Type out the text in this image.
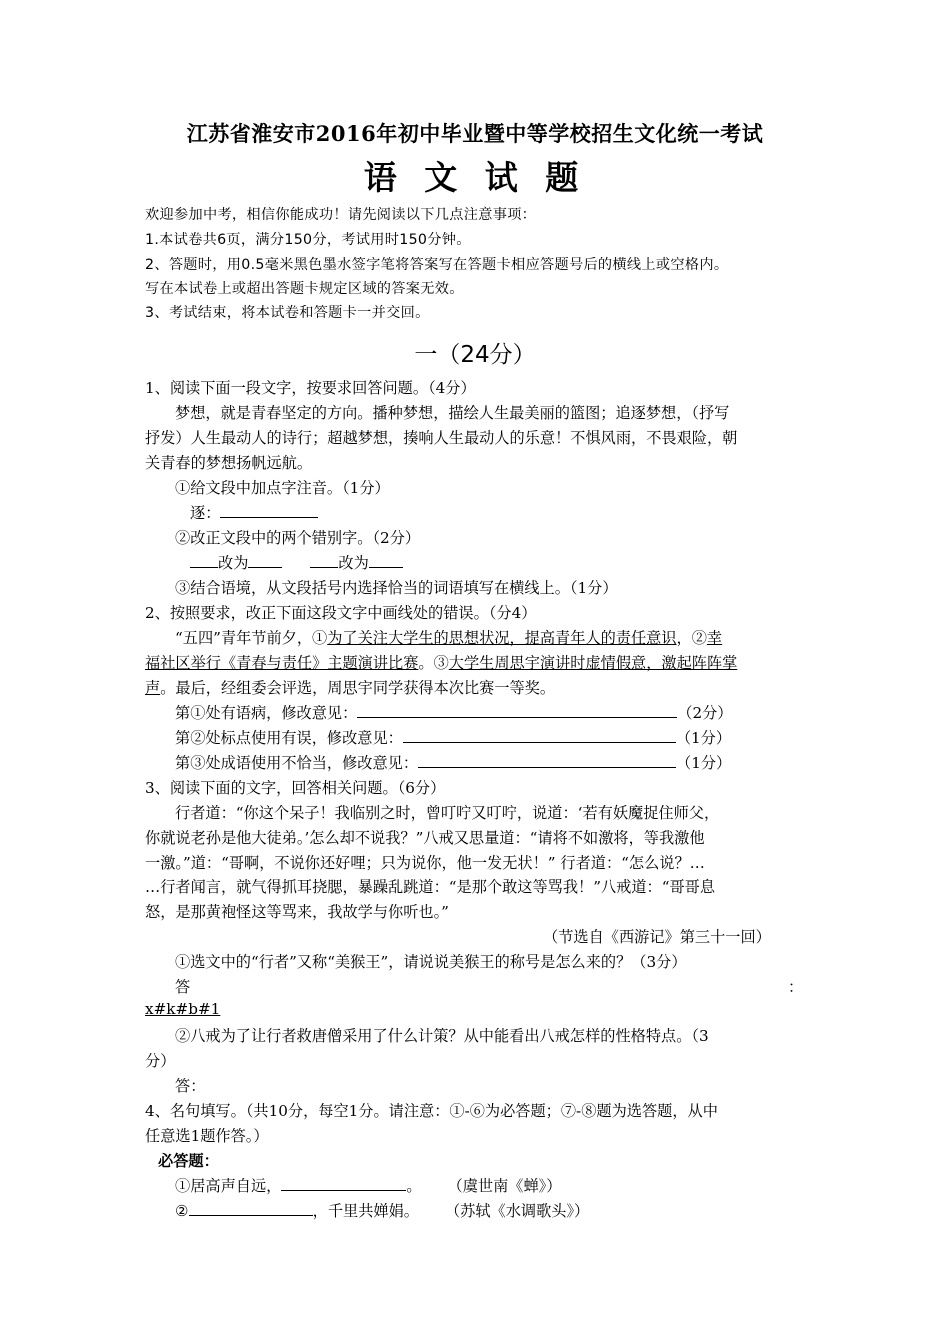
江苏省淮安市2016年初中毕业暨中等学校招生文化统一考试
语 文 试 题
欢迎参加中考，相信你能成功！请先阅读以下几点注意事项：
1.本试卷共6页，满分150分，考试用时150分钟。
2、答题时，用0.5毫米黑色墨水签字笔将答案写在答题卡相应答题号后的横线上或空格内。
写在本试卷上或超出答题卡规定区域的答案无效。
3、考试结束，将本试卷和答题卡一并交回。
一（24分）
1、阅读下面一段文字，按要求回答问题。（4分）
梦想，就是青春坚定的方向。播种梦想，描绘人生最美丽的篮图；追逐梦想，（抒写
抒发）人生最动人的诗行；超越梦想，揍响人生最动人的乐意！不惧风雨，不畏艰险，朝
关青春的梦想扬帆远航。
①给文段中加点字注音。（1分）
逐：
②改正文段中的两个错别字。（2分）
改为	改为
③结合语境，从文段括号内选择恰当的词语填写在横线上。（1分）
2、按照要求，改正下面这段文字中画线处的错误。（分4）
“五四”青年节前夕，①为了关注大学生的思想状况，提高青年人的责任意识，②幸
福社区举行《青春与责任》主题演讲比赛。③大学生周思宇演讲时虚情假意，激起阵阵掌
声。最后，经组委会评选，周思宇同学获得本次比赛一等奖。
第①处有语病，修改意见：	（2分）
第②处标点使用有误，修改意见：	（1分）
第③处成语使用不恰当，修改意见：	（1分）
3、阅读下面的文字，回答相关问题。（6分）
行者道：“你这个呆子！我临别之时，曾叮咛又叮咛，说道：‘若有妖魔捉住师父，
你就说老孙是他大徒弟。’怎么却不说我？”八戒又思量道：“请将不如激将，等我激他
一激。”道：“哥啊，不说你还好哩；只为说你，他一发无状！” 行者道：“怎么说？…
…行者闻言，就气得抓耳挠腮，暴躁乱跳道：“是那个敢这等骂我！”八戒道：“哥哥息
怒，是那黄袍怪这等骂来，我故学与你听也。”
（节选自《西游记》第三十一回）
①选文中的“行者”又称“美猴王”，请说说美猴王的称号是怎么来的？（3分）
答	：
x#k#b#1
②八戒为了让行者救唐僧采用了什么计策？从中能看出八戒怎样的性格特点。（3
分）
答：
4、名句填写。（共10分，每空1分。请注意：①-⑥为必答题；⑦-⑧题为选答题，从中
任意选1题作答。）
必答题：
①居高声自远，	。 （虞世南《蝉》）
②	，千里共婵娟。 （苏轼《水调歌头》）
